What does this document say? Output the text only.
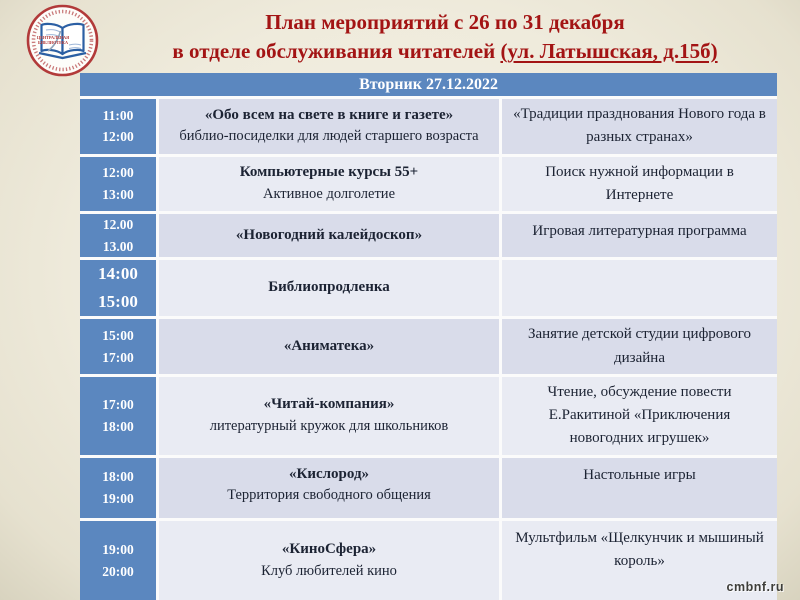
ЦЕНТРАЛЬНАЯ
БИБЛИОТЕКА
План мероприятий с 26 по 31 декабря
в отделе обслуживания читателей (ул. Латышская, д.15б)
Вторник 27.12.2022
11:00
12:00
«Обо всем на свете в книге и газете»
библио-посиделки для людей старшего возраста
«Традиции празднования Нового года в разных странах»
12:00
13:00
Компьютерные курсы 55+
Активное долголетие
Поиск нужной информации в Интернете
12.00
13.00
«Новогодний калейдоскоп»	Игровая литературная программа
14:00
15:00
Библиопродленка
15:00
17:00
«Аниматека»
Занятие детской студии цифрового дизайна
17:00
18:00
«Читай-компания»
литературный кружок для школьников
Чтение, обсуждение повести Е.Ракитиной «Приключения новогодних игрушек»
18:00
19:00
«Кислород»
Территория свободного общения
Настольные игры
19:00
20:00
«КиноСфера»
Клуб любителей кино
Мультфильм «Щелкунчик и мышиный король»
cmbnf.ru
